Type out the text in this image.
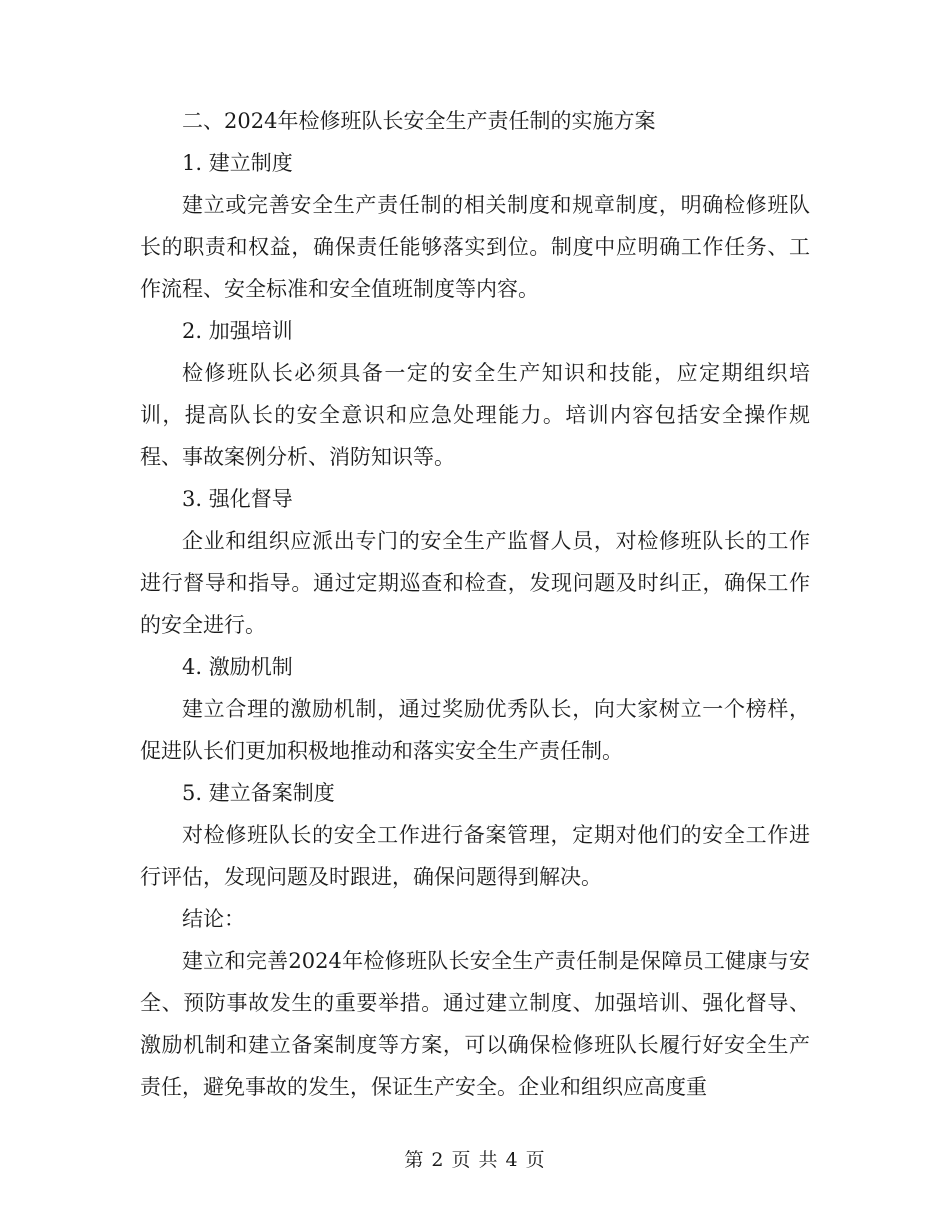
二、2024年检修班队长安全生产责任制的实施方案

1. 建立制度

建立或完善安全生产责任制的相关制度和规章制度，明确检修班队长的职责和权益，确保责任能够落实到位。制度中应明确工作任务、工作流程、安全标准和安全值班制度等内容。

2. 加强培训

检修班队长必须具备一定的安全生产知识和技能，应定期组织培训，提高队长的安全意识和应急处理能力。培训内容包括安全操作规程、事故案例分析、消防知识等。

3. 强化督导

企业和组织应派出专门的安全生产监督人员，对检修班队长的工作进行督导和指导。通过定期巡查和检查，发现问题及时纠正，确保工作的安全进行。

4. 激励机制

建立合理的激励机制，通过奖励优秀队长，向大家树立一个榜样，促进队长们更加积极地推动和落实安全生产责任制。

5. 建立备案制度

对检修班队长的安全工作进行备案管理，定期对他们的安全工作进行评估，发现问题及时跟进，确保问题得到解决。

结论：

建立和完善2024年检修班队长安全生产责任制是保障员工健康与安全、预防事故发生的重要举措。通过建立制度、加强培训、强化督导、激励机制和建立备案制度等方案，可以确保检修班队长履行好安全生产责任，避免事故的发生，保证生产安全。企业和组织应高度重

第 2 页 共 4 页
